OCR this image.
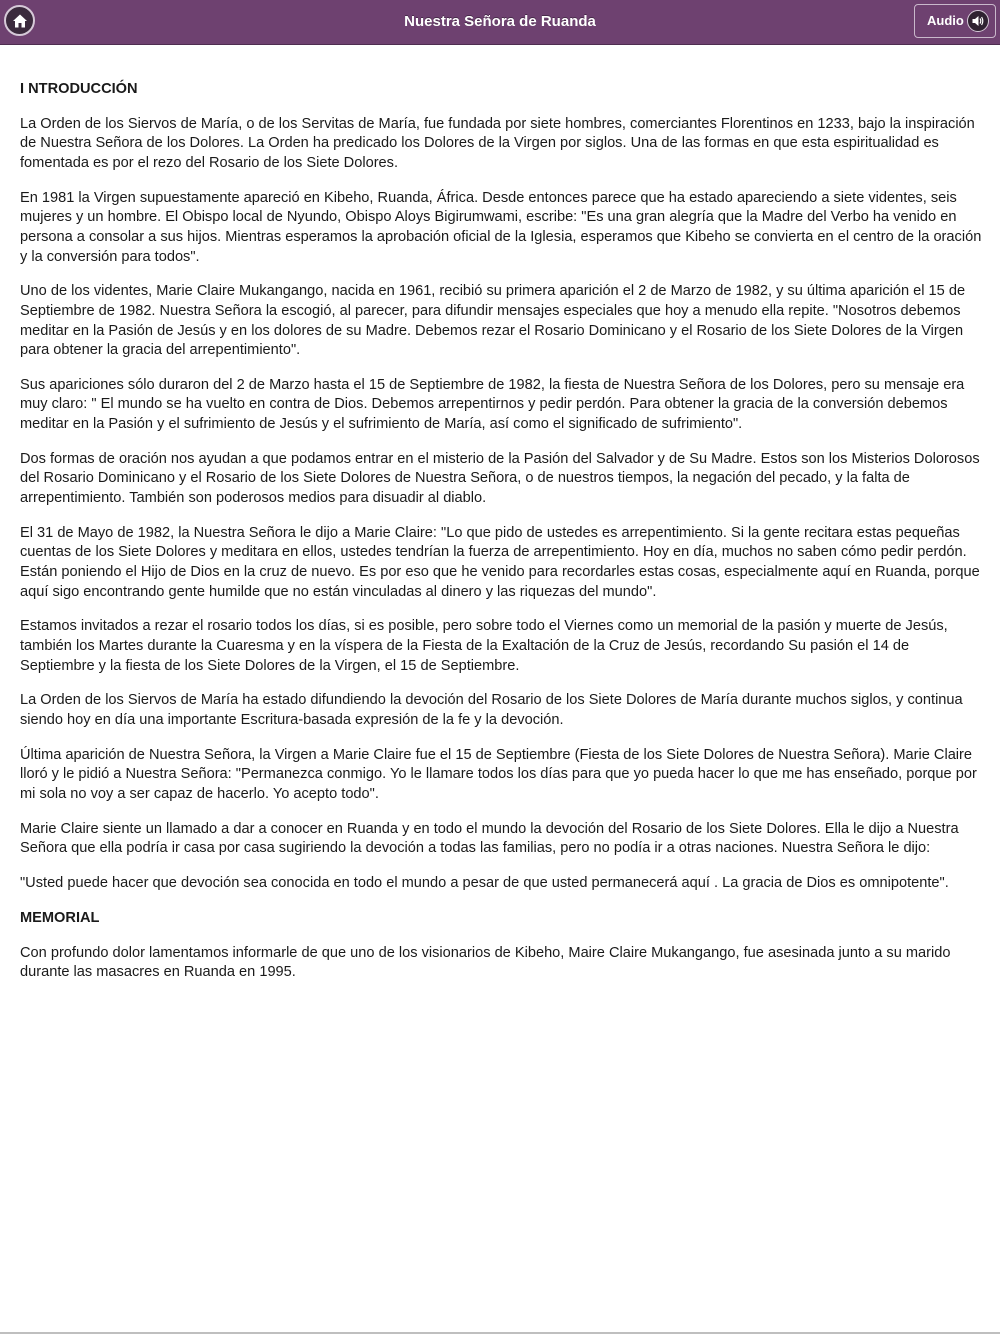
Nuestra Señora de Ruanda	Audio
I NTRODUCCIÓN

La Orden de los Siervos de María, o de los Servitas de María, fue fundada por siete hombres, comerciantes Florentinos en 1233, bajo la inspiración de Nuestra Señora de los Dolores. La Orden ha predicado los Dolores de la Virgen por siglos. Una de las formas en que esta espiritualidad es fomentada es por el rezo del Rosario de los Siete Dolores.

En 1981 la Virgen supuestamente apareció en Kibeho, Ruanda, África. Desde entonces parece que ha estado apareciendo a siete videntes, seis mujeres y un hombre. El Obispo local de Nyundo, Obispo Aloys Bigirumwami, escribe: "Es una gran alegría que la Madre del Verbo ha venido en persona a consolar a sus hijos. Mientras esperamos la aprobación oficial de la Iglesia, esperamos que Kibeho se convierta en el centro de la oración y la conversión para todos".

Uno de los videntes, Marie Claire Mukangango, nacida en 1961, recibió su primera aparición el 2 de Marzo de 1982, y su última aparición el 15 de Septiembre de 1982. Nuestra Señora la escogió, al parecer, para difundir mensajes especiales que hoy a menudo ella repite. "Nosotros debemos meditar en la Pasión de Jesús y en los dolores de su Madre. Debemos rezar el Rosario Dominicano y el Rosario de los Siete Dolores de la Virgen para obtener la gracia del arrepentimiento".

Sus apariciones sólo duraron del 2 de Marzo hasta el 15 de Septiembre de 1982, la fiesta de Nuestra Señora de los Dolores, pero su mensaje era muy claro: " El mundo se ha vuelto en contra de Dios. Debemos arrepentirnos y pedir perdón. Para obtener la gracia de la conversión debemos meditar en la Pasión y el sufrimiento de Jesús y el sufrimiento de María, así como el significado de sufrimiento".

Dos formas de oración nos ayudan a que podamos entrar en el misterio de la Pasión del Salvador y de Su Madre. Estos son los Misterios Dolorosos del Rosario Dominicano y el Rosario de los Siete Dolores de Nuestra Señora, o de nuestros tiempos, la negación del pecado, y la falta de arrepentimiento. También son poderosos medios para disuadir al diablo.

El 31 de Mayo de 1982, la Nuestra Señora le dijo a Marie Claire: "Lo que pido de ustedes es arrepentimiento. Si la gente recitara estas pequeñas cuentas de los Siete Dolores y meditara en ellos, ustedes tendrían la fuerza de arrepentimiento. Hoy en día, muchos no saben cómo pedir perdón. Están poniendo el Hijo de Dios en la cruz de nuevo. Es por eso que he venido para recordarles estas cosas, especialmente aquí en Ruanda, porque aquí sigo encontrando gente humilde que no están vinculadas al dinero y las riquezas del mundo".

Estamos invitados a rezar el rosario todos los días, si es posible, pero sobre todo el Viernes como un memorial de la pasión y muerte de Jesús, también los Martes durante la Cuaresma y en la víspera de la Fiesta de la Exaltación de la Cruz de Jesús, recordando Su pasión el 14 de Septiembre y la fiesta de los Siete Dolores de la Virgen, el 15 de Septiembre.

La Orden de los Siervos de María ha estado difundiendo la devoción del Rosario de los Siete Dolores de María durante muchos siglos, y continua siendo hoy en día una importante Escritura-basada expresión de la fe y la devoción.

Última aparición de Nuestra Señora, la Virgen a Marie Claire fue el 15 de Septiembre (Fiesta de los Siete Dolores de Nuestra Señora). Marie Claire lloró y le pidió a Nuestra Señora: "Permanezca conmigo. Yo le llamare todos los días para que yo pueda hacer lo que me has enseñado, porque por mi sola no voy a ser capaz de hacerlo. Yo acepto todo".

Marie Claire siente un llamado a dar a conocer en Ruanda y en todo el mundo la devoción del Rosario de los Siete Dolores. Ella le dijo a Nuestra Señora que ella podría ir casa por casa sugiriendo la devoción a todas las familias, pero no podía ir a otras naciones. Nuestra Señora le dijo:

"Usted puede hacer que devoción sea conocida en todo el mundo a pesar de que usted permanecerá aquí . La gracia de Dios es omnipotente".

MEMORIAL

Con profundo dolor lamentamos informarle de que uno de los visionarios de Kibeho, Maire Claire Mukangango, fue asesinada junto a su marido durante las masacres en Ruanda en 1995.
